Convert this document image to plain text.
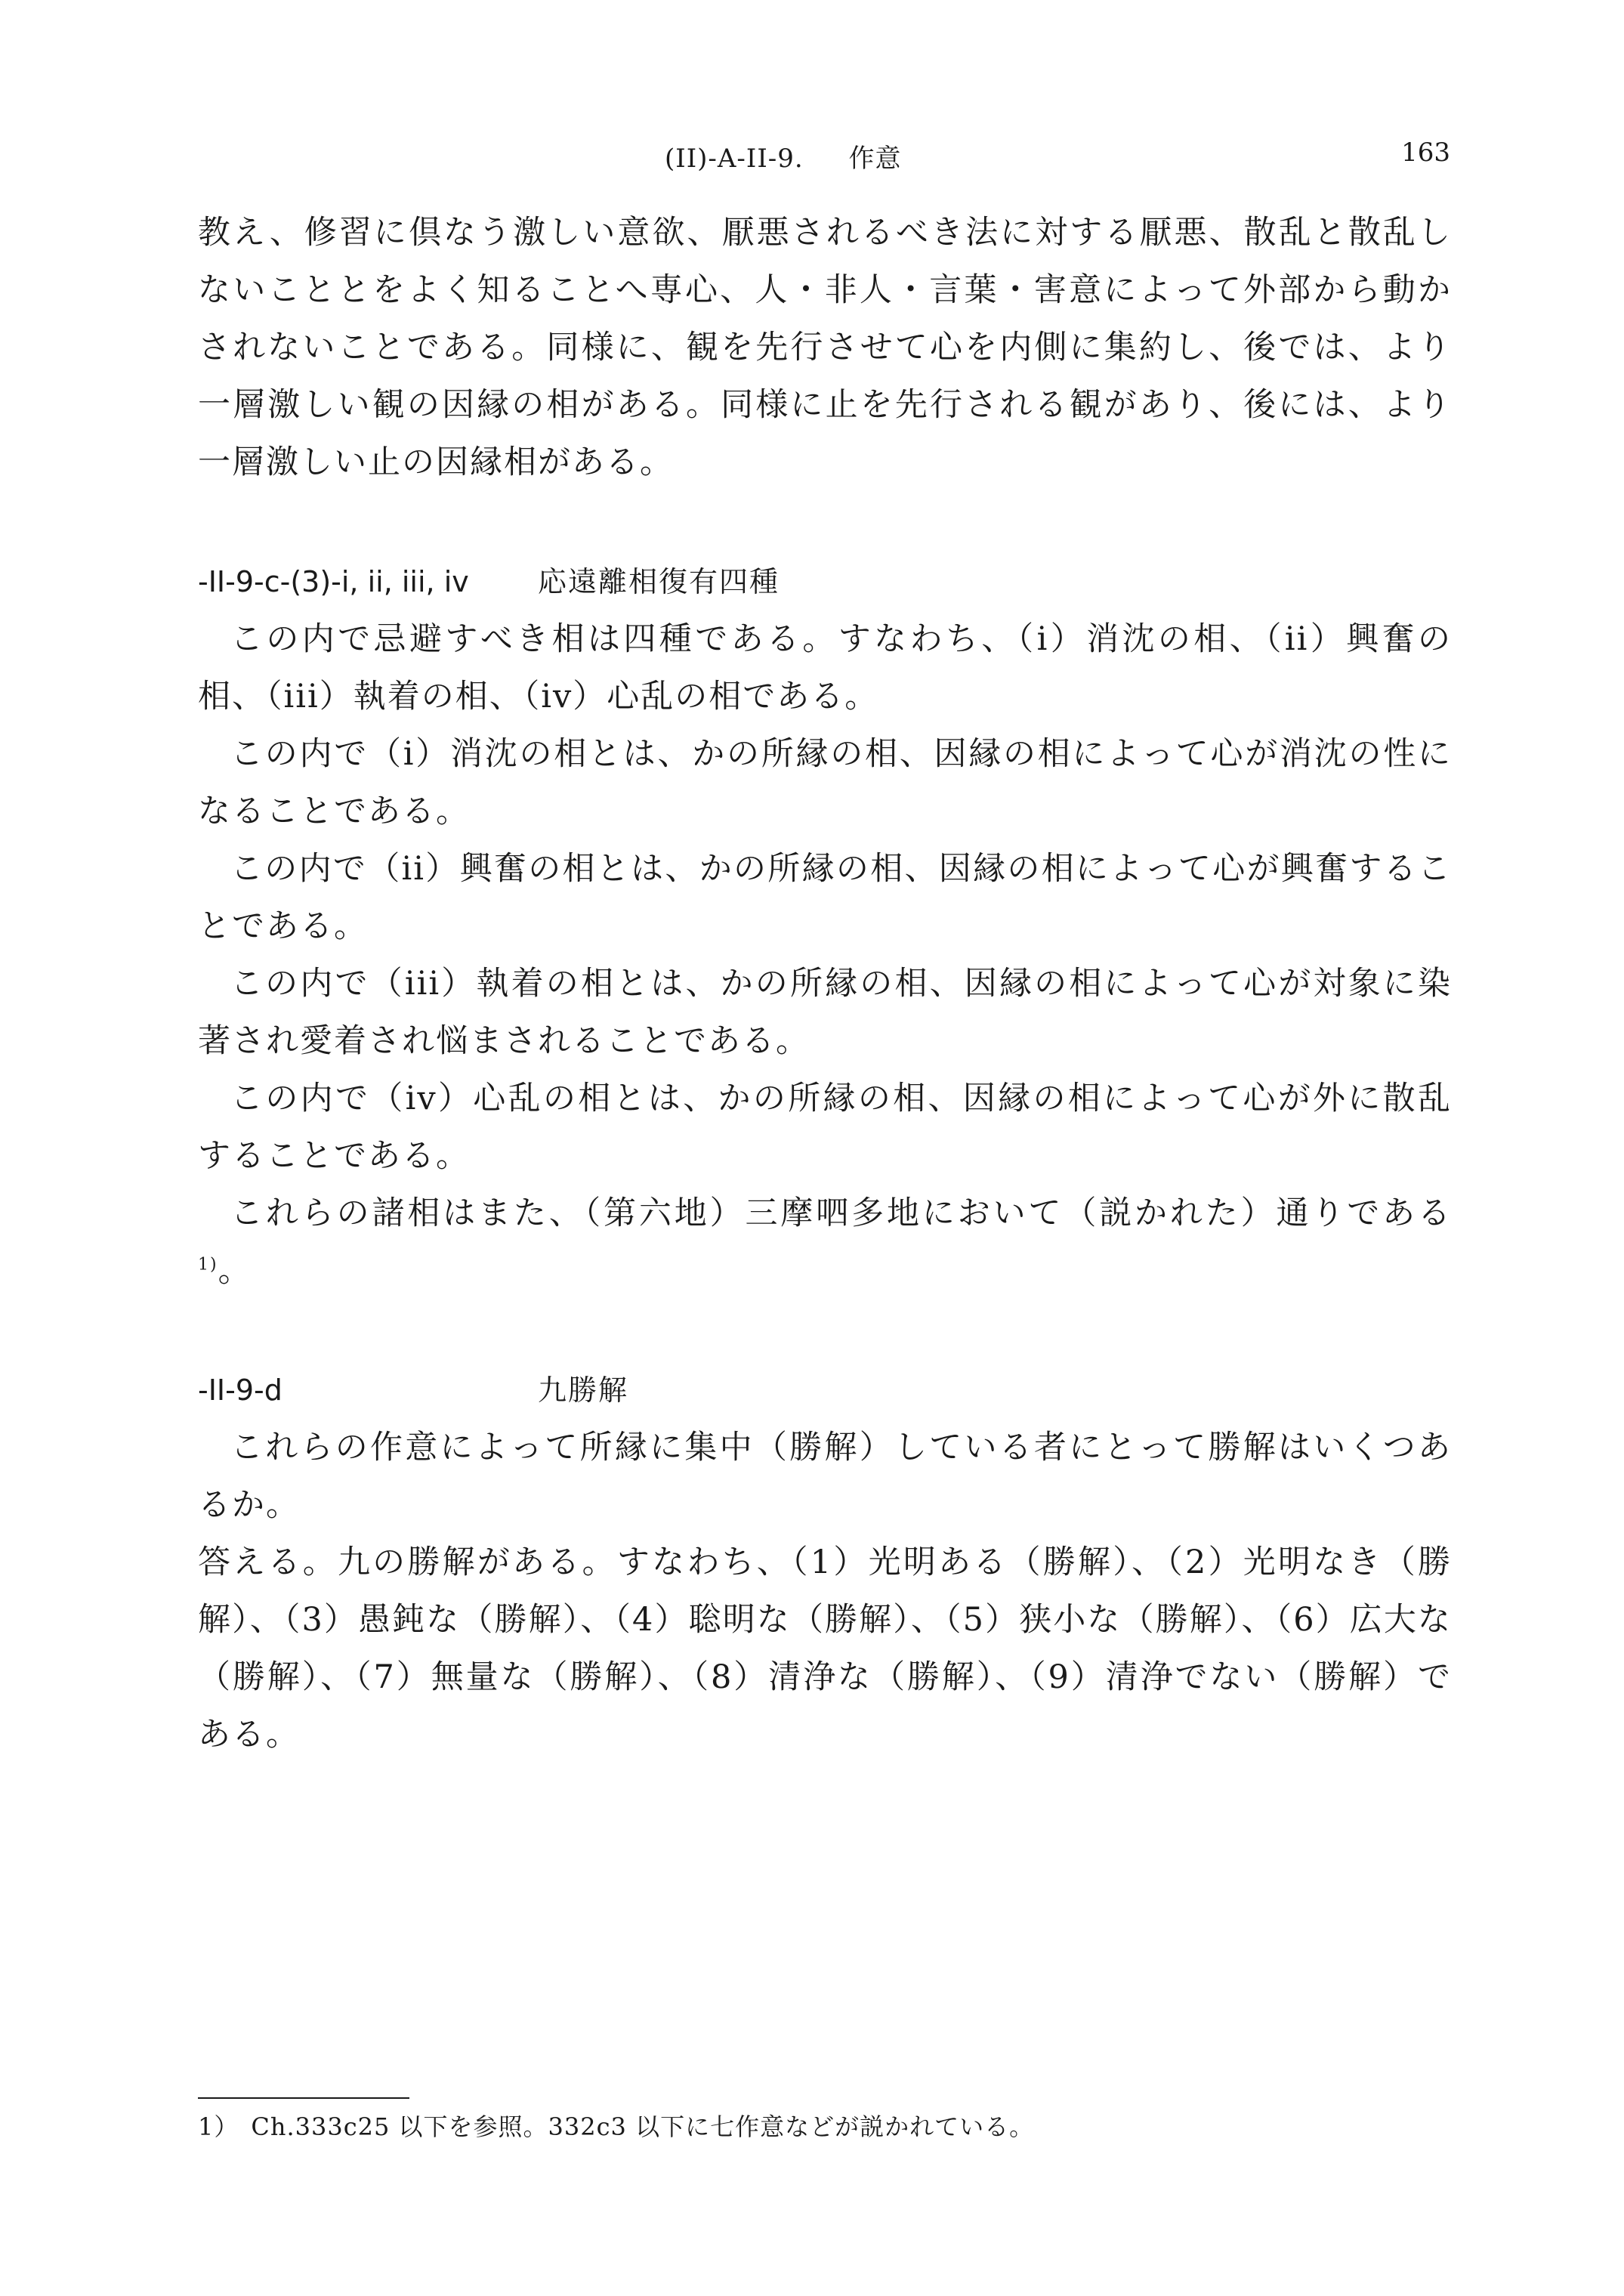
(II)-A-II-9. 作意	163

教え、修習に倶なう激しい意欲、厭悪されるべき法に対する厭悪、散乱と散乱しないこととをよく知ることへ専心、人・非人・言葉・害意によって外部から動かされないことである。同様に、観を先行させて心を内側に集約し、後では、より一層激しい観の因縁の相がある。同様に止を先行される観があり、後には、より一層激しい止の因縁相がある。

-II-9-c-(3)-i, ii, iii, iv	応遠離相復有四種

この内で忌避すべき相は四種である。すなわち、（i）消沈の相、（ii）興奮の相、（iii）執着の相、（iv）心乱の相である。

この内で（i）消沈の相とは、かの所縁の相、因縁の相によって心が消沈の性になることである。

この内で（ii）興奮の相とは、かの所縁の相、因縁の相によって心が興奮することである。

この内で（iii）執着の相とは、かの所縁の相、因縁の相によって心が対象に染著され愛着され悩まされることである。

この内で（iv）心乱の相とは、かの所縁の相、因縁の相によって心が外に散乱することである。

これらの諸相はまた、（第六地）三摩呬多地において（説かれた）通りである$^{1)}$。

-II-9-d	九勝解

これらの作意によって所縁に集中（勝解）している者にとって勝解はいくつあるか。

答える。九の勝解がある。すなわち、（1）光明ある（勝解）、（2）光明なき（勝解）、（3）愚鈍な（勝解）、（4）聡明な（勝解）、（5）狭小な（勝解）、（6）広大な（勝解）、（7）無量な（勝解）、（8）清浄な（勝解）、（9）清浄でない（勝解）である。

1） Ch.333c25 以下を参照。332c3 以下に七作意などが説かれている。
